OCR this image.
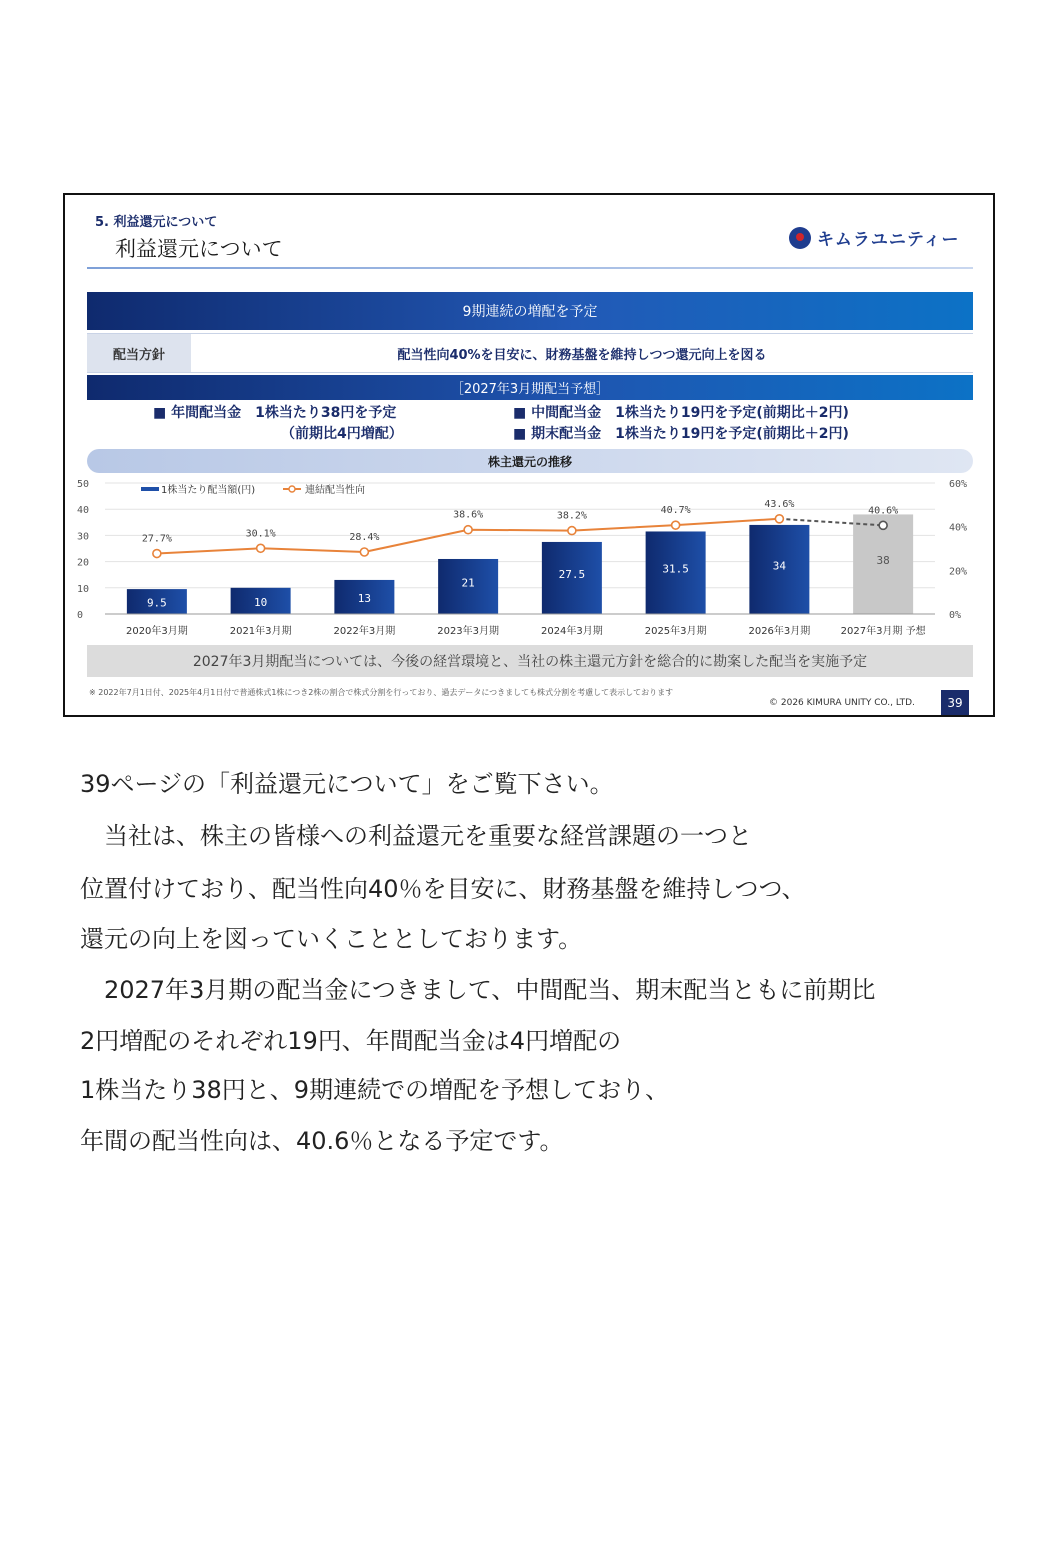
5. 利益還元について
利益還元について	キムラユニティー
9期連続の増配を予定
配当方針	配当性向40%を目安に、財務基盤を維持しつつ還元向上を図る
［2027年3月期配当予想］
■ 年間配当金　1株当たり38円を予定
（前期比4円増配）
■ 中間配当金　1株当たり19円を予定(前期比＋2円)
■ 期末配当金　1株当たり19円を予定(前期比＋2円)
株主還元の推移
0
10
20
30
40
50
0%
20%
40%
60%
9.5	10	13
21
27.5	31.5	34	38
27.7%	30.1%	28.4%
38.6%	38.2%	40.7%
43.6%
40.6%
2020年3月期	2021年3月期	2022年3月期	2023年3月期	2024年3月期	2025年3月期	2026年3月期	2027年3月期 予想
1株当たり配当額(円)	連結配当性向
2027年3月期配当については、今後の経営環境と、当社の株主還元方針を総合的に勘案した配当を実施予定
※ 2022年7月1日付、2025年4月1日付で普通株式1株につき2株の割合で株式分割を行っており、過去データにつきましても株式分割を考慮して表示しております
© 2026 KIMURA UNITY CO., LTD.	39
39ページの「利益還元について」をご覧下さい。
　当社は、株主の皆様への利益還元を重要な経営課題の一つと
位置付けており、配当性向40％を目安に、財務基盤を維持しつつ、
還元の向上を図っていくこととしております。
　2027年3月期の配当金につきまして、中間配当、期末配当ともに前期比
2円増配のそれぞれ19円、年間配当金は4円増配の
1株当たり38円と、9期連続での増配を予想しており、
年間の配当性向は、40.6％となる予定です。
